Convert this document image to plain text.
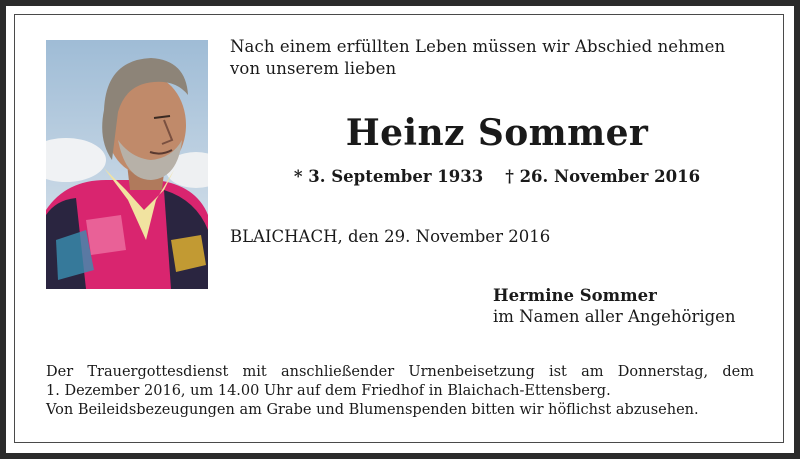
Nach einem erfüllten Leben müssen wir Abschied nehmen
von unserem lieben
Heinz Sommer
* 3. September 1933 † 26. November 2016
BLAICHACH, den 29. November 2016
Hermine Sommer
im Namen aller Angehörigen
Der Trauergottesdienst mit anschließender Urnenbeisetzung ist am Donnerstag, dem
1. Dezember 2016, um 14.00 Uhr auf dem Friedhof in Blaichach-Ettensberg.
Von Beileidsbezeugungen am Grabe und Blumenspenden bitten wir höflichst abzusehen.
